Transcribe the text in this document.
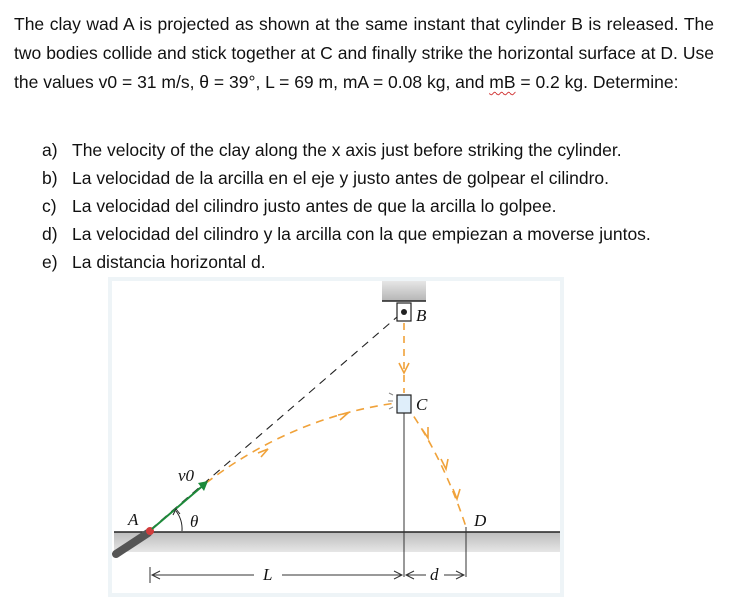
The clay wad A is projected as shown at the same instant that cylinder B is released. The two bodies collide and stick together at C and finally strike the horizontal surface at D. Use the values v0 = 31 m/s, θ = 39°, L = 69 m, mA = 0.08 kg, and mB = 0.2 kg. Determine:
a) The velocity of the clay along the x axis just before striking the cylinder.
b) La velocidad de la arcilla en el eje y justo antes de golpear el cilindro.
c) La velocidad del cilindro justo antes de que la arcilla lo golpee.
d) La velocidad del cilindro y la arcilla con la que empiezan a moverse juntos.
e) La distancia horizontal d.
A
B
C
D
v0
θ
L	d
